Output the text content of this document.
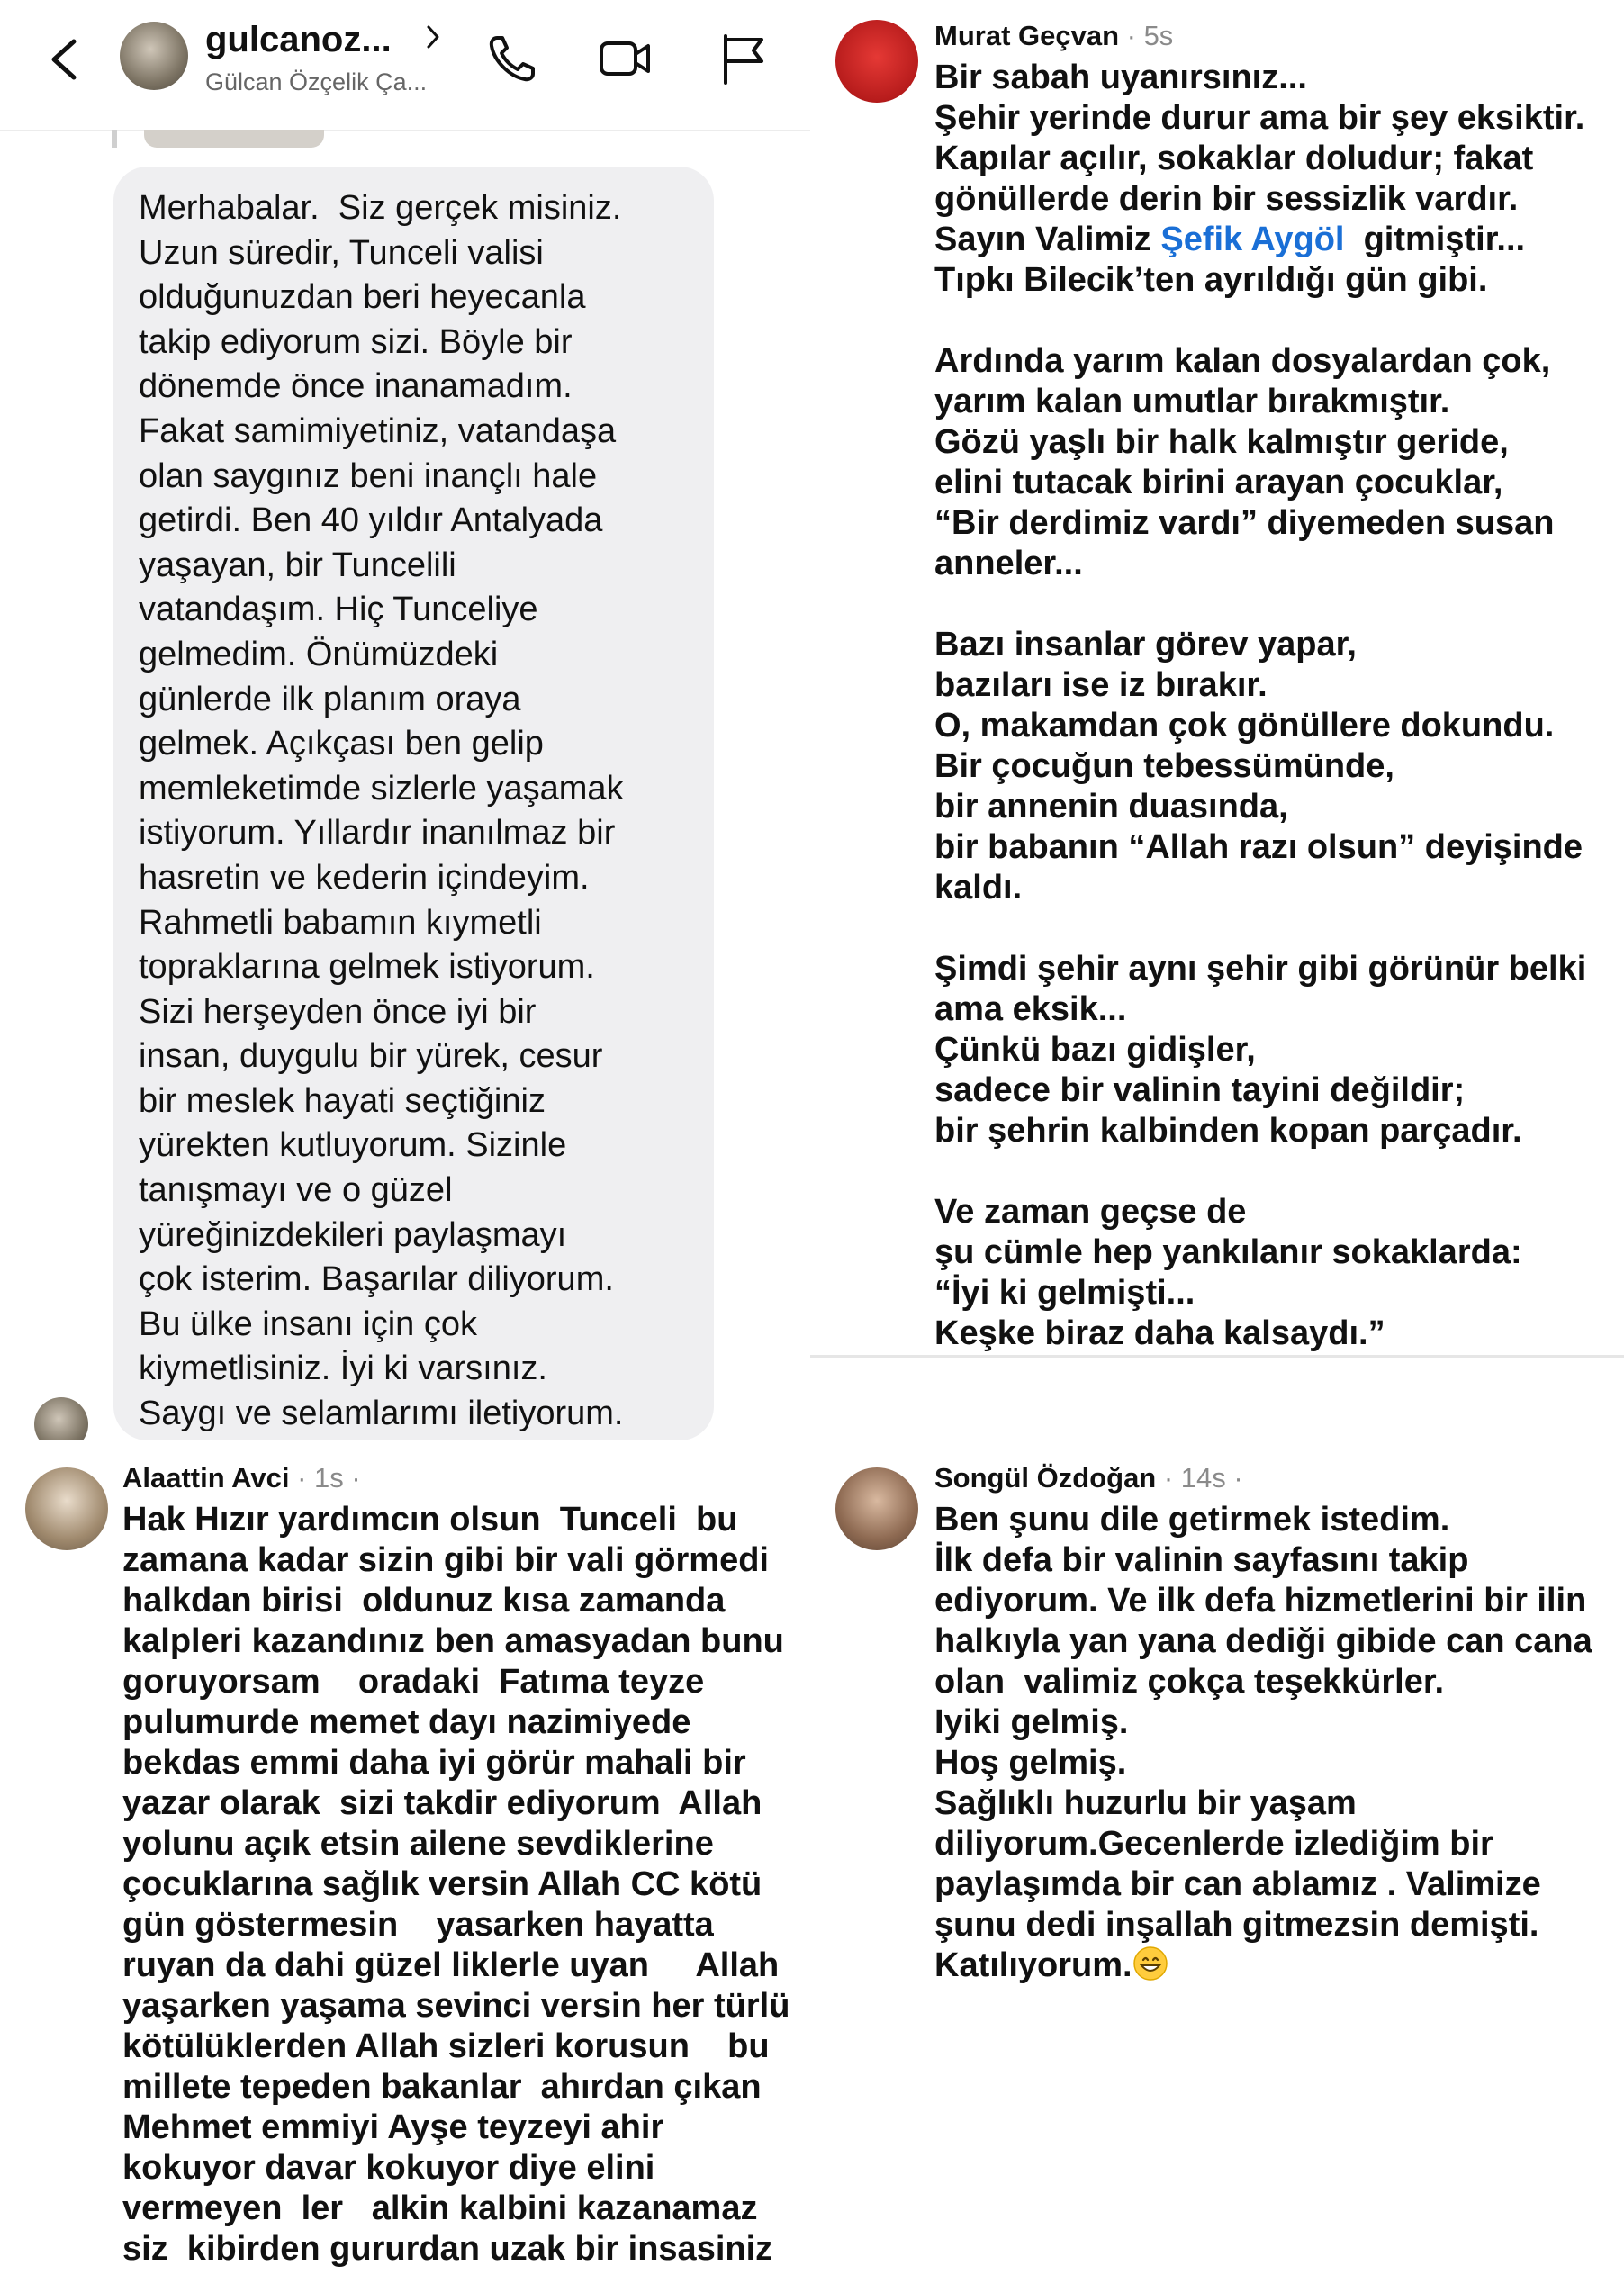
gulcanoz...
Gülcan Özçelik Ça...

Merhabalar.  Siz gerçek misiniz.
Uzun süredir, Tunceli valisi
olduğunuzdan beri heyecanla
takip ediyorum sizi. Böyle bir
dönemde önce inanamadım.
Fakat samimiyetiniz, vatandaşa
olan saygınız beni inançlı hale
getirdi. Ben 40 yıldır Antalyada
yaşayan, bir Tuncelili
vatandaşım. Hiç Tunceliye
gelmedim. Önümüzdeki
günlerde ilk planım oraya
gelmek. Açıkçası ben gelip
memleketimde sizlerle yaşamak
istiyorum. Yıllardır inanılmaz bir
hasretin ve kederin içindeyim.
Rahmetli babamın kıymetli
topraklarına gelmek istiyorum.
Sizi herşeyden önce iyi bir
insan, duygulu bir yürek, cesur
bir meslek hayati seçtiğiniz
yürekten kutluyorum. Sizinle
tanışmayı ve o güzel
yüreğinizdekileri paylaşmayı
çok isterim. Başarılar diliyorum.
Bu ülke insanı için çok
kiymetlisiniz. İyi ki varsınız.
Saygı ve selamlarımı iletiyorum.

Murat Geçvan · 5s
Bir sabah uyanırsınız...
Şehir yerinde durur ama bir şey eksiktir.
Kapılar açılır, sokaklar doludur; fakat
gönüllerde derin bir sessizlik vardır.
Sayın Valimiz Şefik Aygöl  gitmiştir...
Tıpkı Bilecik’ten ayrıldığı gün gibi.

Ardında yarım kalan dosyalardan çok,
yarım kalan umutlar bırakmıştır.
Gözü yaşlı bir halk kalmıştır geride,
elini tutacak birini arayan çocuklar,
“Bir derdimiz vardı” diyemeden susan
anneler...

Bazı insanlar görev yapar,
bazıları ise iz bırakır.
O, makamdan çok gönüllere dokundu.
Bir çocuğun tebessümünde,
bir annenin duasında,
bir babanın “Allah razı olsun” deyişinde
kaldı.

Şimdi şehir aynı şehir gibi görünür belki
ama eksik...
Çünkü bazı gidişler,
sadece bir valinin tayini değildir;
bir şehrin kalbinden kopan parçadır.

Ve zaman geçse de
şu cümle hep yankılanır sokaklarda:
“İyi ki gelmişti...
Keşke biraz daha kalsaydı.”
Alaattin Avci · 1s ·
Hak Hızır yardımcın olsun  Tunceli  bu
zamana kadar sizin gibi bir vali görmedi
halkdan birisi  oldunuz kısa zamanda
kalpleri kazandınız ben amasyadan bunu
goruyorsam    oradaki  Fatıma teyze
pulumurde memet dayı nazimiyede
bekdas emmi daha iyi görür mahali bir
yazar olarak  sizi takdir ediyorum  Allah
yolunu açık etsin ailene sevdiklerine
çocuklarına sağlık versin Allah CC kötü
gün göstermesin    yasarken hayatta
ruyan da dahi güzel liklerle uyan     Allah
yaşarken yaşama sevinci versin her türlü
kötülüklerden Allah sizleri korusun    bu
millete tepeden bakanlar  ahırdan çıkan
Mehmet emmiyi Ayşe teyzeyi ahir
kokuyor davar kokuyor diye elini
vermeyen  ler   alkin kalbini kazanamaz
siz  kibirden gururdan uzak bir insasiniz
Songül Özdoğan · 14s ·
Ben şunu dile getirmek istedim.
İlk defa bir valinin sayfasını takip
ediyorum. Ve ilk defa hizmetlerini bir ilin
halkıyla yan yana dediği gibide can cana
olan  valimiz çokça teşekkürler.
Iyiki gelmiş.
Hoş gelmiş.
Sağlıklı huzurlu bir yaşam
diliyorum.Gecenlerde izlediğim bir
paylaşımda bir can ablamız . Valimize
şunu dedi inşallah gitmezsin demişti.
Katılıyorum.
